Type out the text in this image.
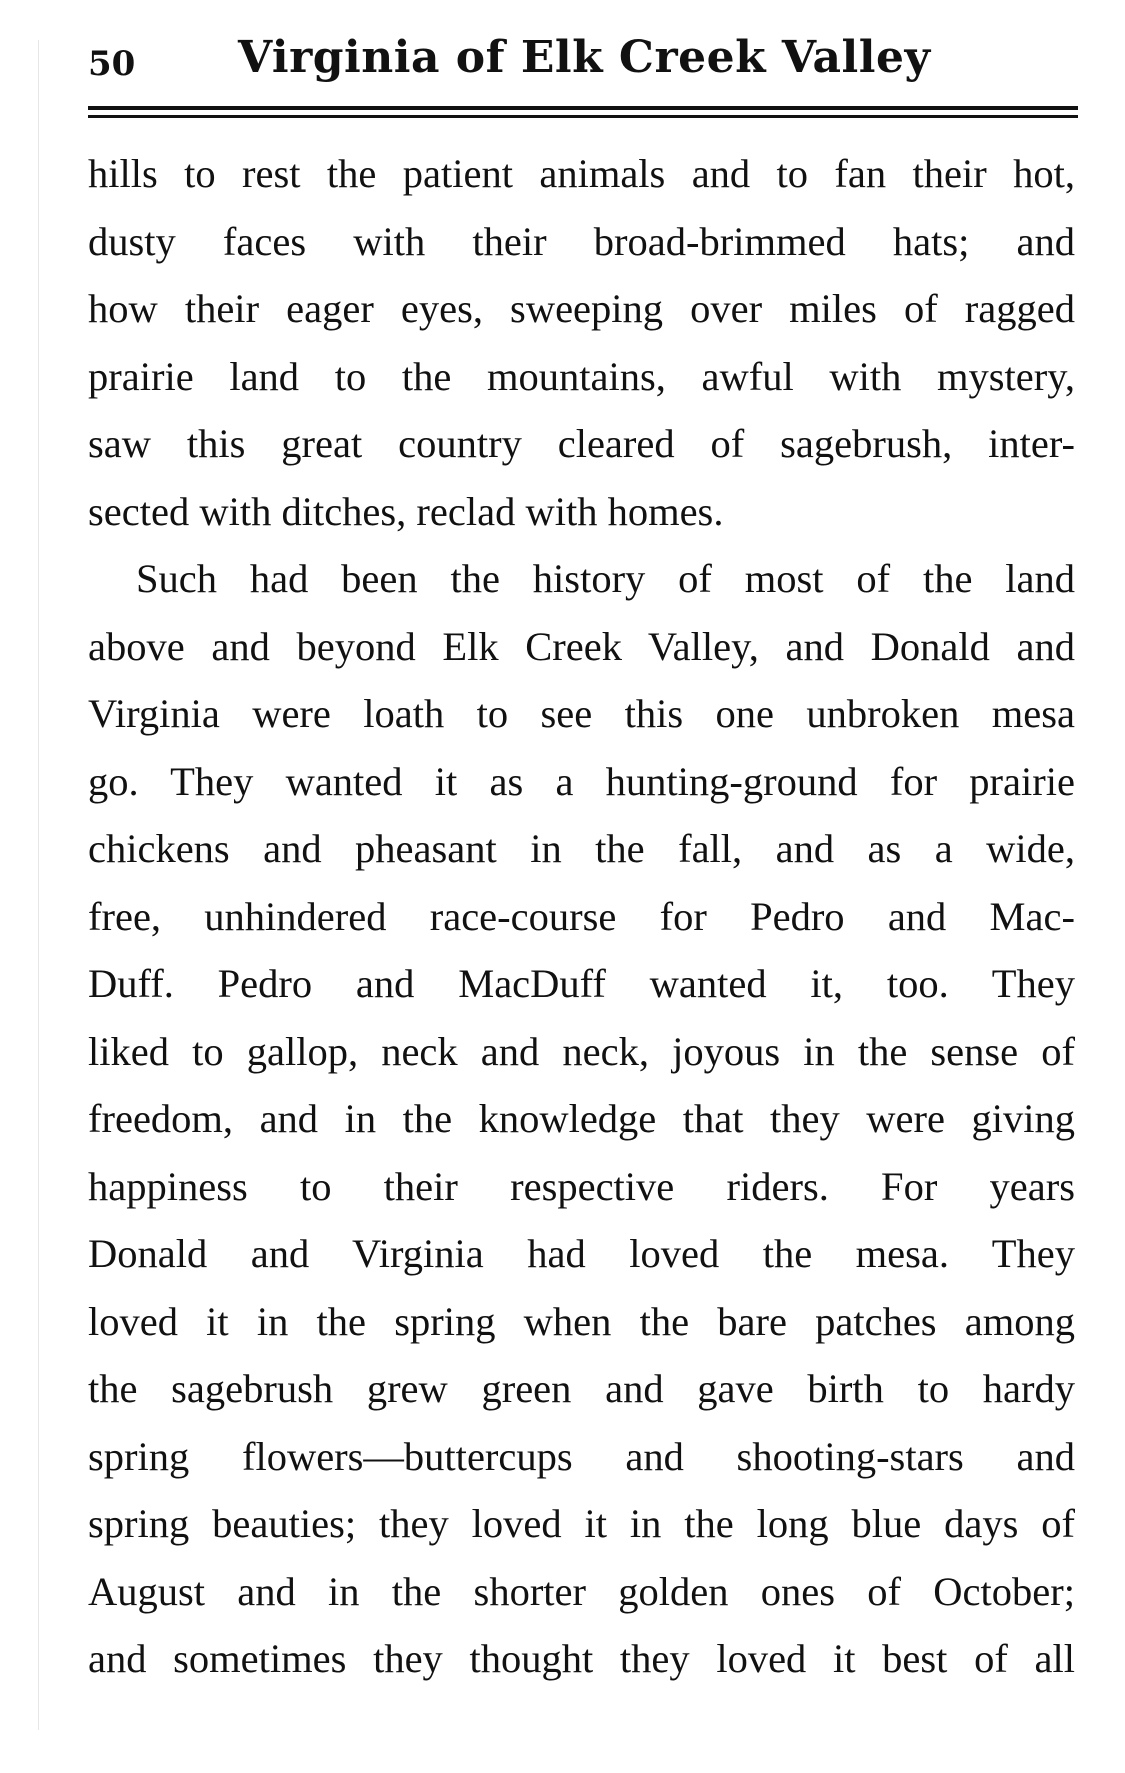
50 Virginia of Elk Creek Valley
hills to rest the patient animals and to fan their hot,
dusty faces with their broad-brimmed hats; and
how their eager eyes, sweeping over miles of ragged
prairie land to the mountains, awful with mystery,
saw this great country cleared of sagebrush, inter-
sected with ditches, reclad with homes.
Such had been the history of most of the land
above and beyond Elk Creek Valley, and Donald and
Virginia were loath to see this one unbroken mesa
go. They wanted it as a hunting-ground for prairie
chickens and pheasant in the fall, and as a wide,
free, unhindered race-course for Pedro and Mac-
Duff. Pedro and MacDuff wanted it, too. They
liked to gallop, neck and neck, joyous in the sense of
freedom, and in the knowledge that they were giving
happiness to their respective riders. For years
Donald and Virginia had loved the mesa. They
loved it in the spring when the bare patches among
the sagebrush grew green and gave birth to hardy
spring flowers—buttercups and shooting-stars and
spring beauties; they loved it in the long blue days of
August and in the shorter golden ones of October;
and sometimes they thought they loved it best of all
